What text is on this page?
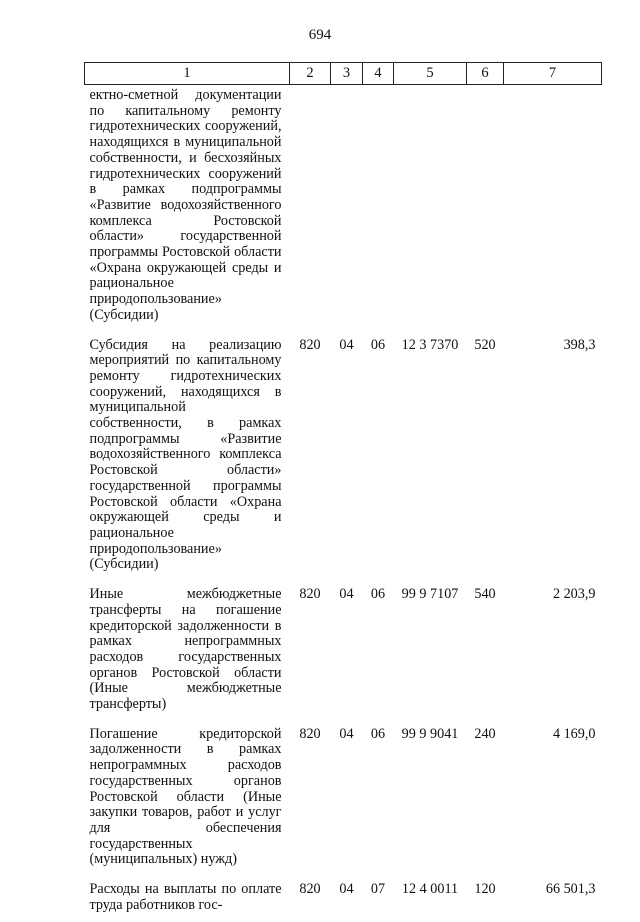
694
1	2	3	4	5	6	7
ектно-сметной документации по капитальному ремонту гидротехнических сооружений, находящихся в муниципальной собственности, и бесхозяйных гидротехнических сооружений в рамках подпрограммы «Развитие водохозяйственного комплекса Ростовской области» государственной программы Ростовской области «Охрана окружающей среды и рациональное природопользование» (Субсидии)						
Субсидия на реализацию мероприятий по капитальному ремонту гидротехнических сооружений, находящихся в муниципальной собственности, в рамках подпрограммы «Развитие водохозяйственного комплекса Ростовской области» государственной программы Ростовской области «Охрана окружающей среды и рациональное природопользование» (Субсидии)	820	04	06	12 3 7370	520	398,3
Иные межбюджетные трансферты на погашение кредиторской задолженности в рамках непрограммных расходов государственных органов Ростовской области (Иные межбюджетные трансферты)	820	04	06	99 9 7107	540	2 203,9
Погашение кредиторской задолженности в рамках непрограммных расходов государственных органов Ростовской области (Иные закупки товаров, работ и услуг для обеспечения государственных (муниципальных) нужд)	820	04	06	99 9 9041	240	4 169,0
Расходы на выплаты по оплате труда работников гос-	820	04	07	12 4 0011	120	66 501,3
